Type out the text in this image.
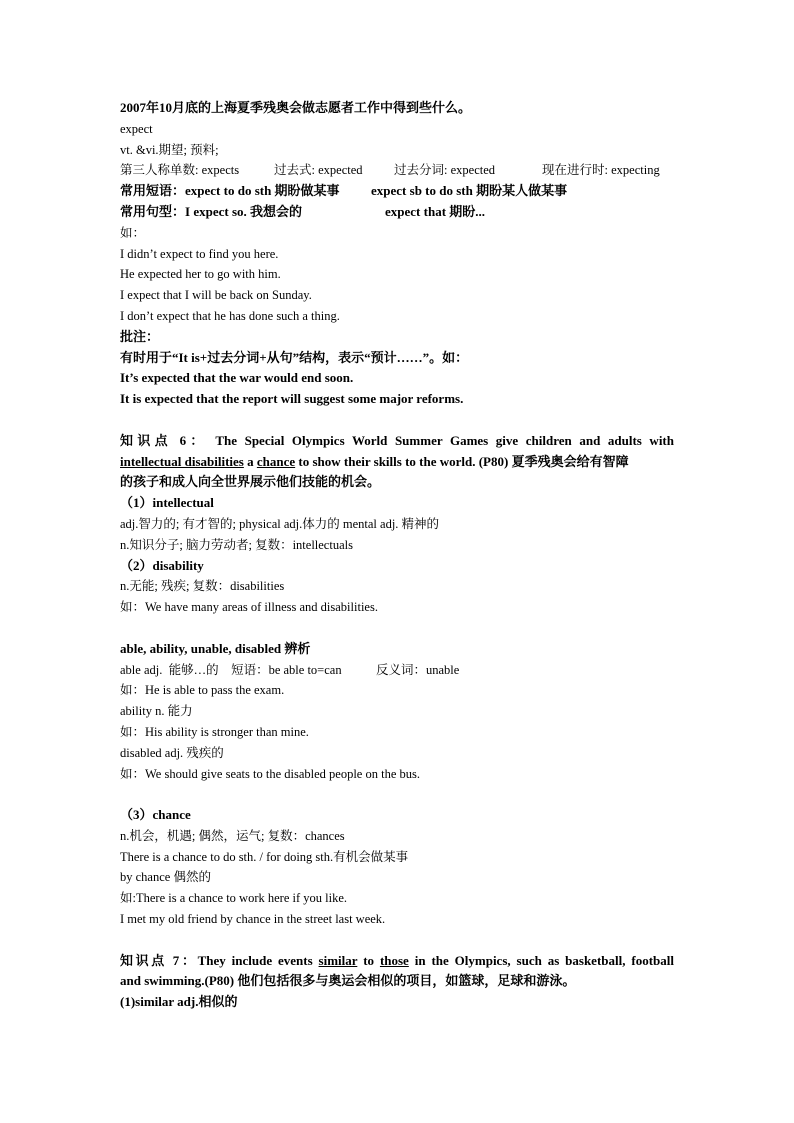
2007年10月底的上海夏季残奥会做志愿者工作中得到些什么。
expect
vt. &vi.期望; 预料;
第三人称单数: expects	过去式: expected	过去分词: expected	现在进行时: expecting
常用短语：expect to do sth 期盼做某事 expect sb to do sth 期盼某人做某事
常用句型：I expect so. 我想会的	expect that 期盼...
如：
I didn’t expect to find you here.
He expected her to go with him.
I expect that I will be back on Sunday.
I don’t expect that he has done such a thing.
批注：
有时用于“It is+过去分词+从句”结构，表示“预计……”。如：
It’s expected that the war would end soon.
It is expected that the report will suggest some major reforms.
知识点 6： The Special Olympics World Summer Games give children and adults with
intellectual disabilities a chance to show their skills to the world. (P80) 夏季残奥会给有智障
的孩子和成人向全世界展示他们技能的机会。
（1）intellectual
adj.智力的; 有才智的; physical adj.体力的 mental adj. 精神的
n.知识分子; 脑力劳动者; 复数：intellectuals
（2）disability
n.无能; 残疾; 复数：disabilities
如：We have many areas of illness and disabilities.
able, ability, unable, disabled 辨析
able adj.  能够…的    短语：be able to=can           反义词：unable
如：He is able to pass the exam.
ability n. 能力
如：His ability is stronger than mine.
disabled adj. 残疾的
如：We should give seats to the disabled people on the bus.
（3）chance
n.机会，机遇; 偶然，运气; 复数：chances
There is a chance to do sth. / for doing sth.有机会做某事
by chance 偶然的
如:There is a chance to work here if you like.
I met my old friend by chance in the street last week.
知识点 7：They include events similar to those in the Olympics, such as basketball, football
and swimming.(P80) 他们包括很多与奥运会相似的项目，如篮球，足球和游泳。
(1)similar adj.相似的
